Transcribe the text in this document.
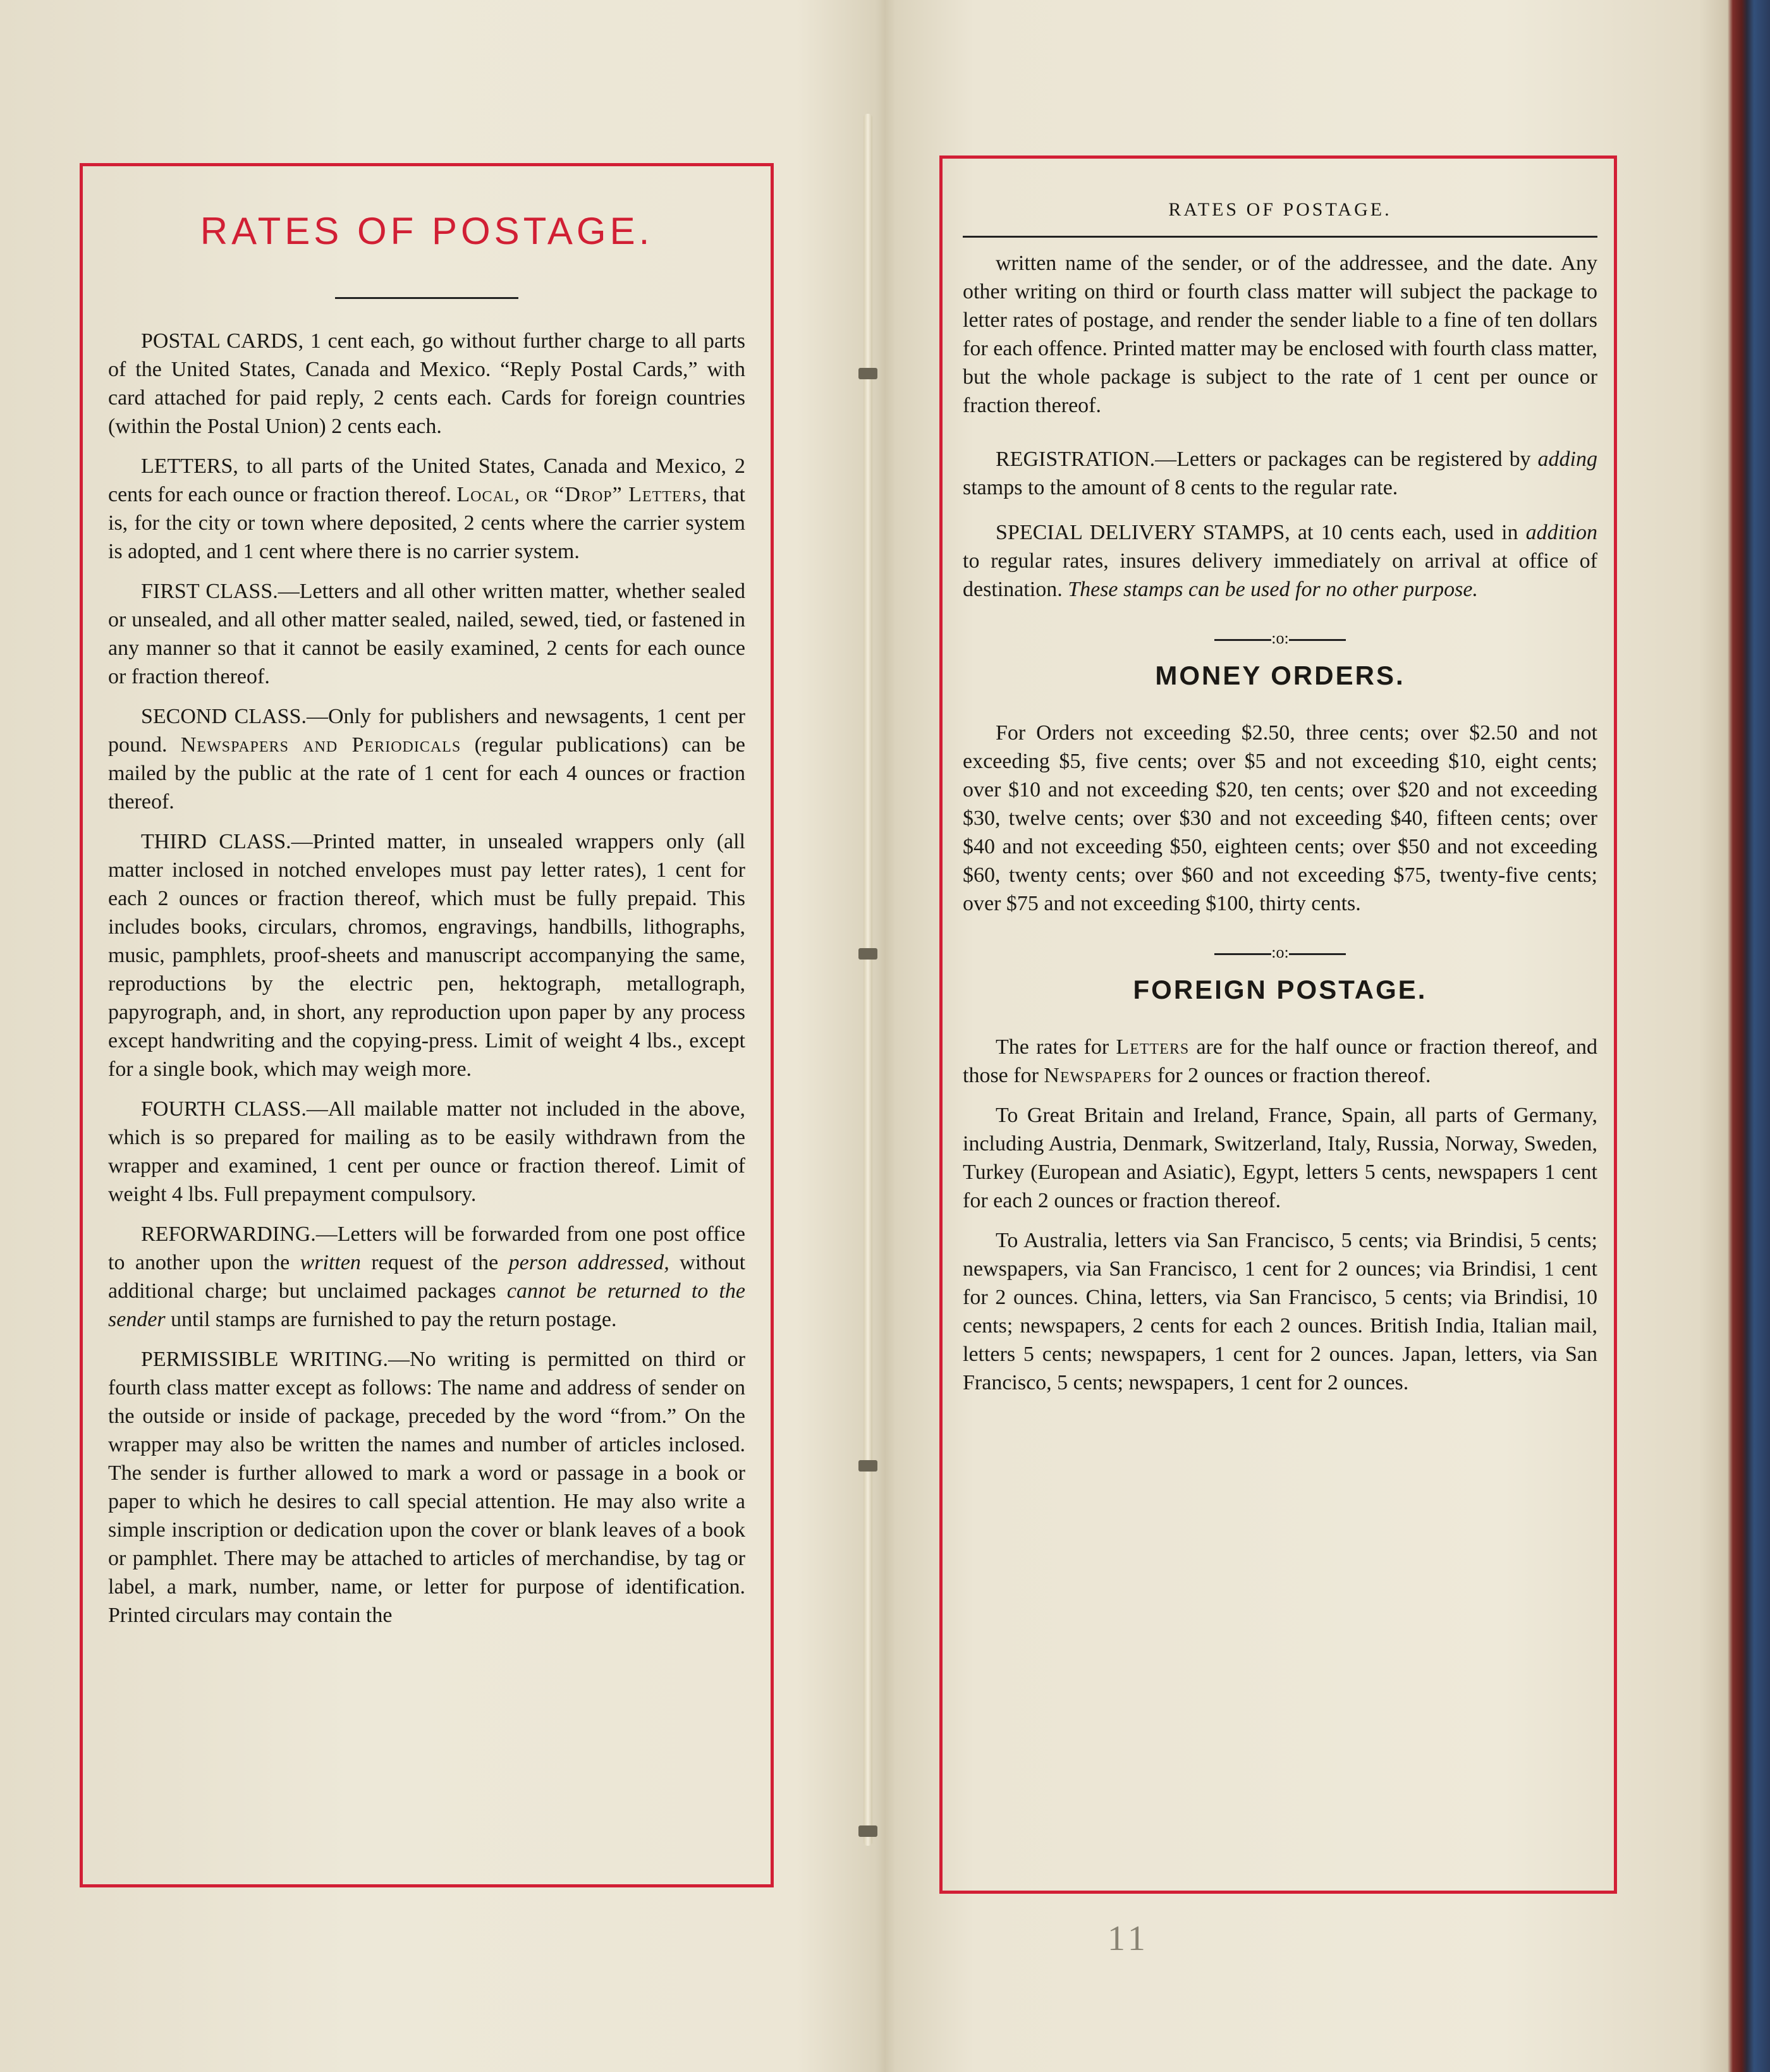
RATES OF POSTAGE.

POSTAL CARDS, 1 cent each, go without further charge to all parts of the United States, Canada and Mexico. “Reply Postal Cards,” with card attached for paid reply, 2 cents each. Cards for foreign countries (within the Postal Union) 2 cents each.

LETTERS, to all parts of the United States, Canada and Mexico, 2 cents for each ounce or fraction thereof. Local, or “Drop” Letters, that is, for the city or town where deposited, 2 cents where the carrier system is adopted, and 1 cent where there is no carrier system.

FIRST CLASS.—Letters and all other written matter, whether sealed or unsealed, and all other matter sealed, nailed, sewed, tied, or fastened in any manner so that it cannot be easily examined, 2 cents for each ounce or fraction thereof.

SECOND CLASS.—Only for publishers and newsagents, 1 cent per pound. Newspapers and Periodicals (regular publications) can be mailed by the public at the rate of 1 cent for each 4 ounces or fraction thereof.

THIRD CLASS.—Printed matter, in unsealed wrappers only (all matter inclosed in notched envelopes must pay letter rates), 1 cent for each 2 ounces or fraction thereof, which must be fully prepaid. This includes books, circulars, chromos, engravings, handbills, lithographs, music, pamphlets, proof-sheets and manuscript accompanying the same, reproductions by the electric pen, hektograph, metallograph, papyrograph, and, in short, any reproduction upon paper by any process except handwriting and the copying-press. Limit of weight 4 lbs., except for a single book, which may weigh more.

FOURTH CLASS.—All mailable matter not included in the above, which is so prepared for mailing as to be easily withdrawn from the wrapper and examined, 1 cent per ounce or fraction thereof. Limit of weight 4 lbs. Full prepayment compulsory.

REFORWARDING.—Letters will be forwarded from one post office to another upon the written request of the person addressed, without additional charge; but unclaimed packages cannot be returned to the sender until stamps are furnished to pay the return postage.

PERMISSIBLE WRITING.—No writing is permitted on third or fourth class matter except as follows: The name and address of sender on the outside or inside of package, preceded by the word “from.” On the wrapper may also be written the names and number of articles inclosed. The sender is further allowed to mark a word or passage in a book or paper to which he desires to call special attention. He may also write a simple inscription or dedication upon the cover or blank leaves of a book or pamphlet. There may be attached to articles of merchandise, by tag or label, a mark, number, name, or letter for purpose of identification. Printed circulars may contain the

RATES OF POSTAGE.

written name of the sender, or of the addressee, and the date. Any other writing on third or fourth class matter will subject the package to letter rates of postage, and render the sender liable to a fine of ten dollars for each offence. Printed matter may be enclosed with fourth class matter, but the whole package is subject to the rate of 1 cent per ounce or fraction thereof.

REGISTRATION.—Letters or packages can be registered by adding stamps to the amount of 8 cents to the regular rate.

SPECIAL DELIVERY STAMPS, at 10 cents each, used in addition to regular rates, insures delivery immediately on arrival at office of destination. These stamps can be used for no other purpose.

:o:
MONEY ORDERS.

For Orders not exceeding $2.50, three cents; over $2.50 and not exceeding $5, five cents; over $5 and not exceeding $10, eight cents; over $10 and not exceeding $20, ten cents; over $20 and not exceeding $30, twelve cents; over $30 and not exceeding $40, fifteen cents; over $40 and not exceeding $50, eighteen cents; over $50 and not exceeding $60, twenty cents; over $60 and not exceeding $75, twenty-five cents; over $75 and not exceeding $100, thirty cents.

:o:
FOREIGN POSTAGE.

The rates for Letters are for the half ounce or fraction thereof, and those for Newspapers for 2 ounces or fraction thereof.

To Great Britain and Ireland, France, Spain, all parts of Germany, including Austria, Denmark, Switzerland, Italy, Russia, Norway, Sweden, Turkey (European and Asiatic), Egypt, letters 5 cents, newspapers 1 cent for each 2 ounces or fraction thereof.

To Australia, letters via San Francisco, 5 cents; via Brindisi, 5 cents; newspapers, via San Francisco, 1 cent for 2 ounces; via Brindisi, 1 cent for 2 ounces. China, letters, via San Francisco, 5 cents; via Brindisi, 10 cents; newspapers, 2 cents for each 2 ounces. British India, Italian mail, letters 5 cents; newspapers, 1 cent for 2 ounces. Japan, letters, via San Francisco, 5 cents; newspapers, 1 cent for 2 ounces.

11
